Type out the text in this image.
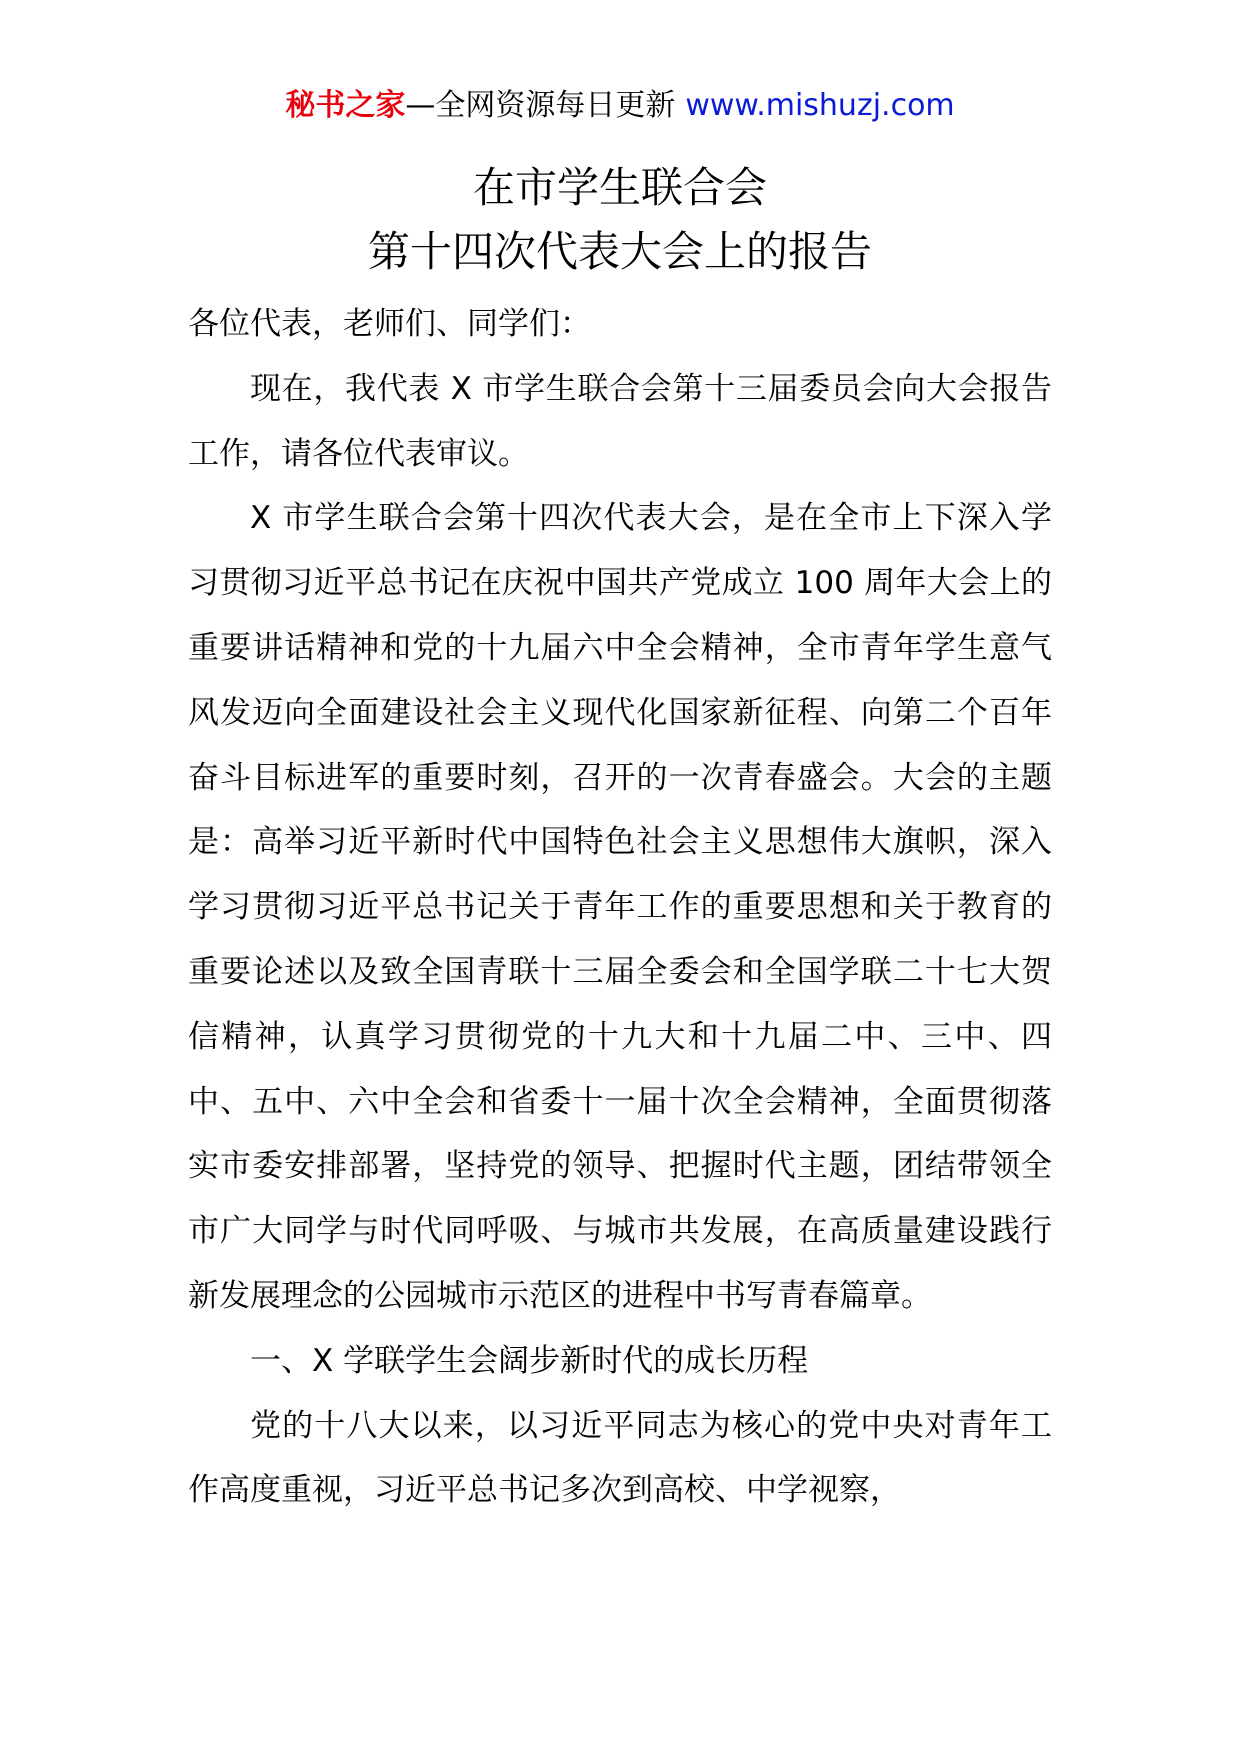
秘书之家—全网资源每日更新 www.mishuzj.com
在市学生联合会
第十四次代表大会上的报告

各位代表，老师们、同学们：

现在，我代表 X 市学生联合会第十三届委员会向大会报告工作，请各位代表审议。

X 市学生联合会第十四次代表大会，是在全市上下深入学习贯彻习近平总书记在庆祝中国共产党成立 100 周年大会上的重要讲话精神和党的十九届六中全会精神，全市青年学生意气风发迈向全面建设社会主义现代化国家新征程、向第二个百年奋斗目标进军的重要时刻，召开的一次青春盛会。大会的主题是：高举习近平新时代中国特色社会主义思想伟大旗帜，深入学习贯彻习近平总书记关于青年工作的重要思想和关于教育的重要论述以及致全国青联十三届全委会和全国学联二十七大贺信精神，认真学习贯彻党的十九大和十九届二中、三中、四中、五中、六中全会和省委十一届十次全会精神，全面贯彻落实市委安排部署，坚持党的领导、把握时代主题，团结带领全市广大同学与时代同呼吸、与城市共发展，在高质量建设践行新发展理念的公园城市示范区的进程中书写青春篇章。

一、X 学联学生会阔步新时代的成长历程

党的十八大以来，以习近平同志为核心的党中央对青年工作高度重视，习近平总书记多次到高校、中学视察，
